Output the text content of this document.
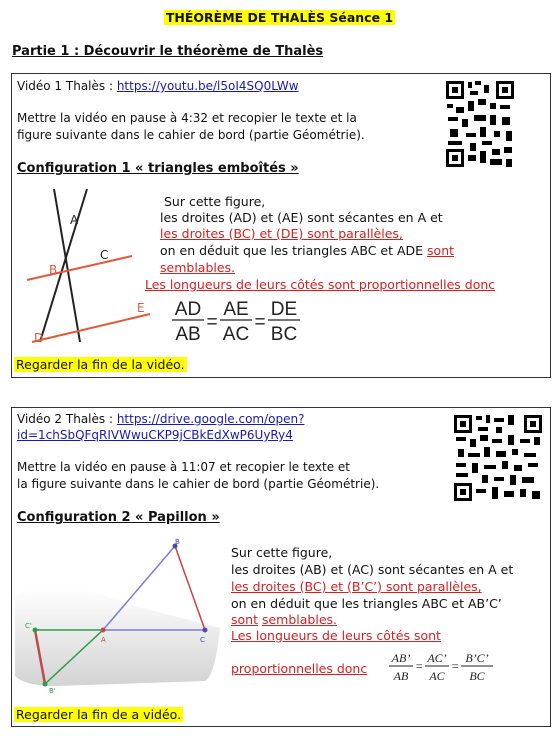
THÉORÈME DE THALÈS Séance 1
Partie 1 : Découvrir le théorème de Thalès
Vidéo 1 Thalès : https://youtu.be/l5oI4SQ0LWw
Mettre la vidéo en pause à 4:32 et recopier le texte et la
figure suivante dans le cahier de bord (partie Géométrie).
Configuration 1 « triangles emboîtés »
A
B
C
D
E
Sur cette figure,
les droites (AD) et (AE) sont sécantes en A et
les droites (BC) et (DE) sont parallèles,
on en déduit que les triangles ABC et ADE sont
semblables.
Les longueurs de leurs côtés sont proportionnelles donc
AD
AB
=
AE
AC
=
DE
BC
Regarder la fin de la vidéo.
Vidéo 2 Thalès : https://drive.google.com/open?
id=1chSbQFqRIVWwuCKP9jCBkEdXwP6UyRy4
Mettre la vidéo en pause à 11:07 et recopier le texte et
la figure suivante dans le cahier de bord (partie Géométrie).
Configuration 2 « Papillon »
B
C
A
C'
B'
Sur cette figure,
les droites (AB) et (AC) sont sécantes en A et
les droites (BC) et (B’C’) sont parallèles,
on en déduit que les triangles ABC et AB’C’
sont semblables.
Les longueurs de leurs côtés sont
proportionnelles donc
AB’
AB
=
AC’
AC
=
B’C’
BC
Regarder la fin de a vidéo.
